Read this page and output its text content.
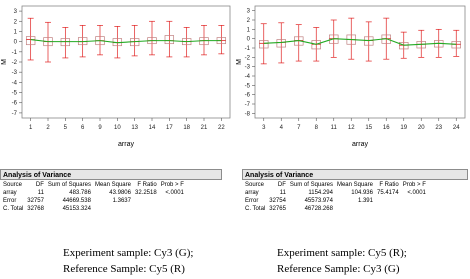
3
2
1
0
-1
-2
-3
-4
-5
-6
-7
M
1 2 5 6 9 10 13 14 17 18 21 22
array
3
2
1
0
-1
-2
-3
-4
-5
-6
-7
-8
M
3 4 7 8 11 12 15 16 19 20 23 24
array
Analysis of Variance
Source	DF	Sum of Squares	Mean Square	F Ratio	Prob > F
array	11	483.786	43.9806	32.2518	<.0001
Error	32757	44669.538	1.3637		
C. Total	32768	45153.324			
Analysis of Variance
Source	DF	Sum of Squares	Mean Square	F Ratio	Prob > F
array	11	1154.294	104.936	75.4174	<.0001
Error	32754	45573.974	1.391		
C. Total	32765	46728.268			
Experiment sample: Cy3 (G);
Reference Sample: Cy5 (R)
Experiment sample: Cy5 (R);
Reference Sample: Cy3 (G)
